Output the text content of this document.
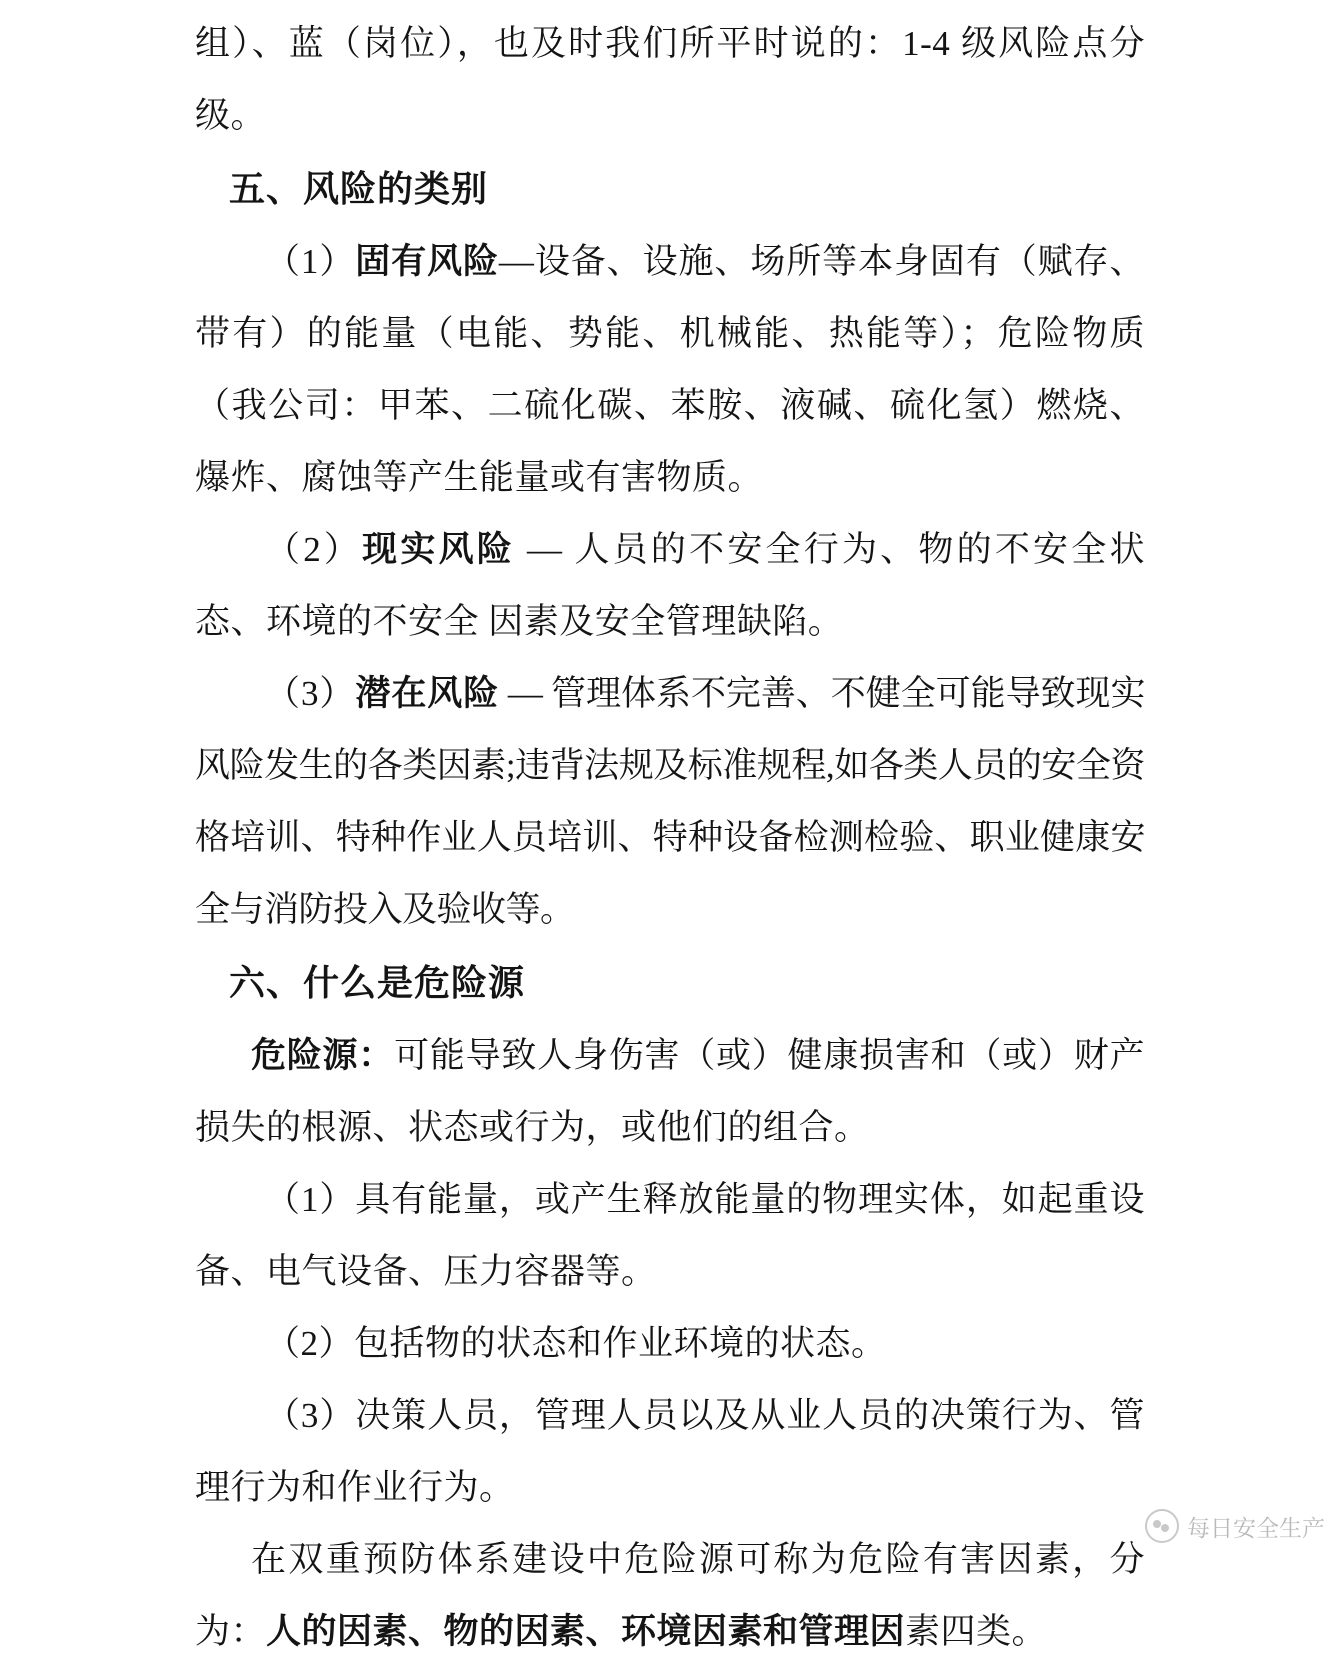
组）、蓝（岗位），也及时我们所平时说的：1-4 级风险点分级。

五、风险的类别

（1）固有风险—设备、设施、场所等本身固有（赋存、带有）的能量（电能、势能、机械能、热能等）；危险物质（我公司：甲苯、二硫化碳、苯胺、液碱、硫化氢）燃烧、爆炸、腐蚀等产生能量或有害物质。

（2）现实风险 — 人员的不安全行为、物的不安全状态、环境的不安全 因素及安全管理缺陷。

（3）潜在风险 — 管理体系不完善、不健全可能导致现实风险发生的各类因素;违背法规及标准规程,如各类人员的安全资格培训、特种作业人员培训、特种设备检测检验、职业健康安全与消防投入及验收等。

六、什么是危险源

危险源：可能导致人身伤害（或）健康损害和（或）财产损失的根源、状态或行为，或他们的组合。

（1）具有能量，或产生释放能量的物理实体，如起重设备、电气设备、压力容器等。

（2）包括物的状态和作业环境的状态。

（3）决策人员，管理人员以及从业人员的决策行为、管理行为和作业行为。

在双重预防体系建设中危险源可称为危险有害因素，分为：人的因素、物的因素、环境因素和管理因素四类。

每日安全生产
